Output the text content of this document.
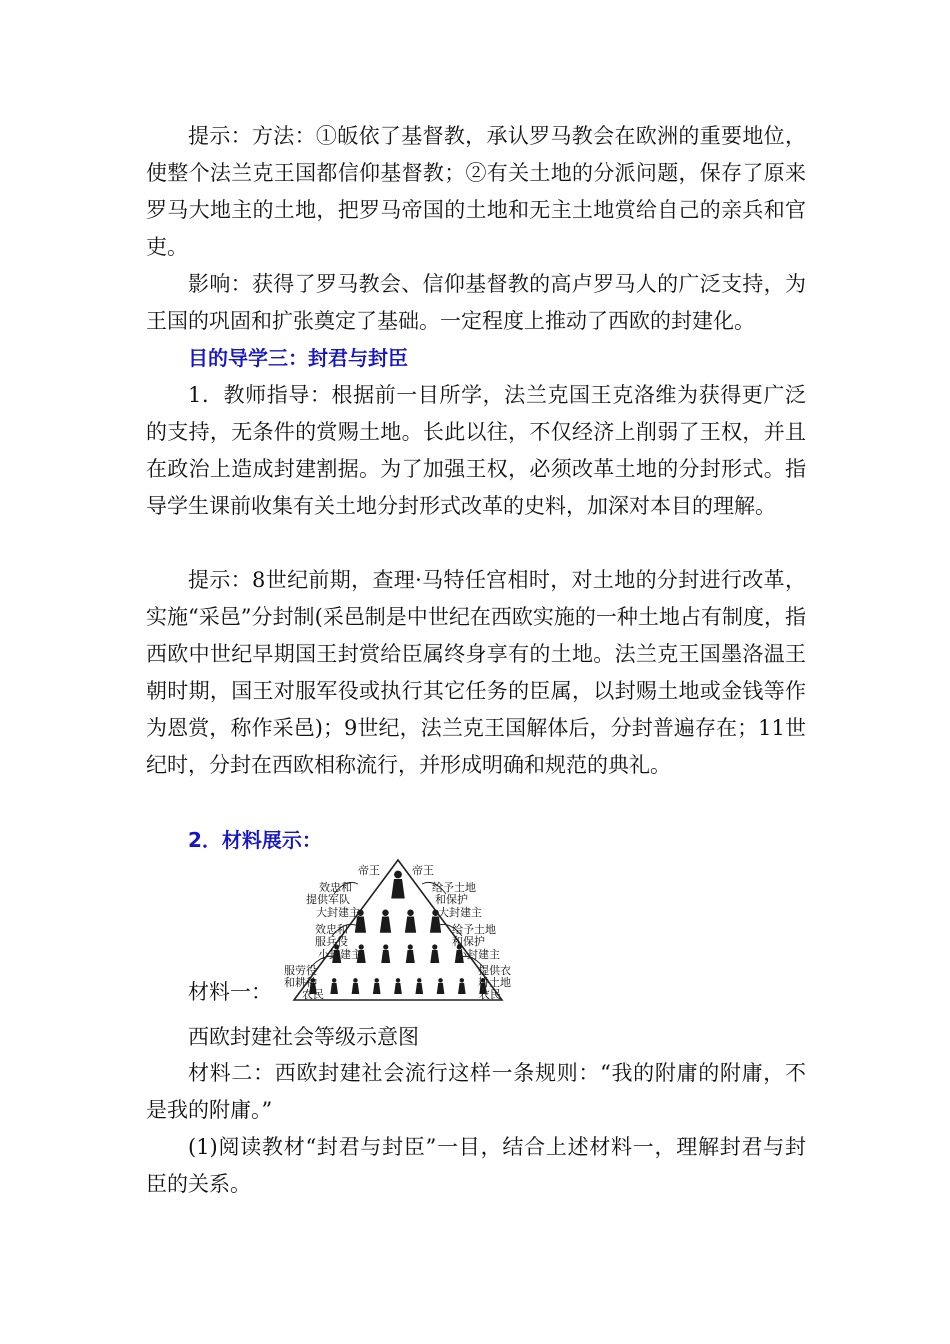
提示：方法：①皈依了基督教，承认罗马教会在欧洲的重要地位，使整个法兰克王国都信仰基督教；②有关土地的分派问题，保存了原来罗马大地主的土地，把罗马帝国的土地和无主土地赏给自己的亲兵和官吏。

影响：获得了罗马教会、信仰基督教的高卢罗马人的广泛支持，为王国的巩固和扩张奠定了基础。一定程度上推动了西欧的封建化。

目的导学三：封君与封臣

1．教师指导：根据前一目所学，法兰克国王克洛维为获得更广泛的支持，无条件的赏赐土地。长此以往，不仅经济上削弱了王权，并且在政治上造成封建割据。为了加强王权，必须改革土地的分封形式。指导学生课前收集有关土地分封形式改革的史料，加深对本目的理解。

提示：8世纪前期，查理·马特任宫相时，对土地的分封进行改革，实施“采邑”分封制(采邑制是中世纪在西欧实施的一种土地占有制度，指西欧中世纪早期国王封赏给臣属终身享有的土地。法兰克王国墨洛温王朝时期，国王对服军役或执行其它任务的臣属，以封赐土地或金钱等作为恩赏，称作采邑)；9世纪，法兰克王国解体后，分封普遍存在；11世纪时，分封在西欧相称流行，并形成明确和规范的典礼。

2．材料展示：
材料一：
帝王
效忠和
提供军队
大封建主
效忠和
服兵役
小封建主
服劳役
和耕种
农民
帝王
给予土地
和保护
大封建主
给予土地
和保护
小封建主
提供衣
耕土地
农民
西欧封建社会等级示意图

材料二：西欧封建社会流行这样一条规则：“我的附庸的附庸，不是我的附庸。”

(1)阅读教材“封君与封臣”一目，结合上述材料一，理解封君与封臣的关系。
